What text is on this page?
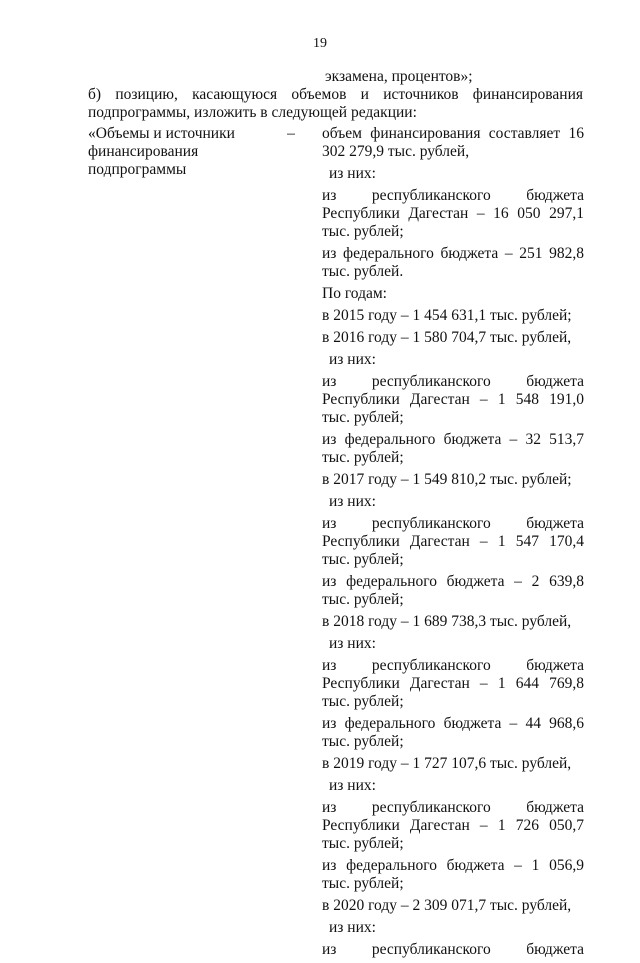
19
экзамена, процентов»;
б) позицию, касающуюся объемов и источников финансирования
подпрограммы, изложить в следующей редакции:
«Объемы и источники
финансирования
подпрограммы
–	объем финансирования составляет 16 302 279,9 тыс. рублей,

из них:

из республиканского бюджета Республики Дагестан – 16 050 297,1 тыс. рублей;

из федерального бюджета – 251 982,8 тыс. рублей.

По годам:

в 2015 году – 1 454 631,1 тыс. рублей;

в 2016 году – 1 580 704,7 тыс. рублей,

из них:

из республиканского бюджета Республики Дагестан – 1 548 191,0 тыс. рублей;

из федерального бюджета – 32 513,7 тыс. рублей;

в 2017 году – 1 549 810,2 тыс. рублей;

из них:

из республиканского бюджета Республики Дагестан – 1 547 170,4 тыс. рублей;

из федерального бюджета – 2 639,8 тыс. рублей;

в 2018 году – 1 689 738,3 тыс. рублей,

из них:

из республиканского бюджета Республики Дагестан – 1 644 769,8 тыс. рублей;

из федерального бюджета – 44 968,6 тыс. рублей;

в 2019 году – 1 727 107,6 тыс. рублей,

из них:

из республиканского бюджета Республики Дагестан – 1 726 050,7 тыс. рублей;

из федерального бюджета – 1 056,9 тыс. рублей;

в 2020 году – 2 309 071,7 тыс. рублей,

из них:

из республиканского бюджета
